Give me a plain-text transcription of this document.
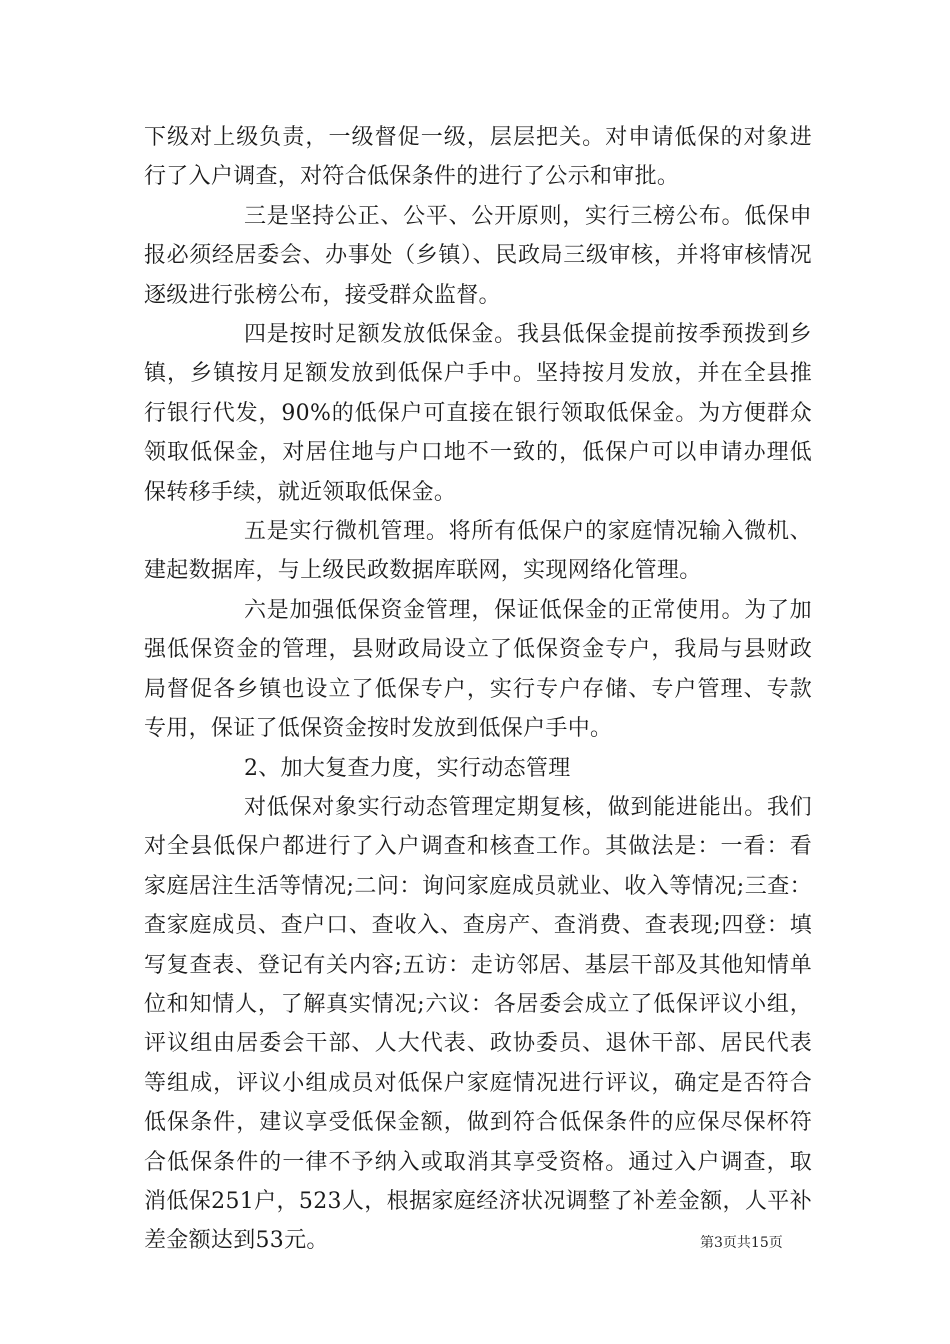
下级对上级负责，一级督促一级，层层把关。对申请低保的对象进行了入户调查，对符合低保条件的进行了公示和审批。

三是坚持公正、公平、公开原则，实行三榜公布。低保申报必须经居委会、办事处（乡镇）、民政局三级审核，并将审核情况逐级进行张榜公布，接受群众监督。

四是按时足额发放低保金。我县低保金提前按季预拨到乡镇，乡镇按月足额发放到低保户手中。坚持按月发放，并在全县推行银行代发，90%的低保户可直接在银行领取低保金。为方便群众领取低保金，对居住地与户口地不一致的，低保户可以申请办理低保转移手续，就近领取低保金。

五是实行微机管理。将所有低保户的家庭情况输入微机、建起数据库，与上级民政数据库联网，实现网络化管理。

六是加强低保资金管理，保证低保金的正常使用。为了加强低保资金的管理，县财政局设立了低保资金专户，我局与县财政局督促各乡镇也设立了低保专户，实行专户存储、专户管理、专款专用，保证了低保资金按时发放到低保户手中。

2、加大复查力度，实行动态管理

对低保对象实行动态管理定期复核，做到能进能出。我们对全县低保户都进行了入户调查和核查工作。其做法是：一看：看家庭居注生活等情况;二问：询问家庭成员就业、收入等情况;三查：查家庭成员、查户口、查收入、查房产、查消费、查表现;四登：填写复查表、登记有关内容;五访：走访邻居、基层干部及其他知情单位和知情人，了解真实情况;六议：各居委会成立了低保评议小组，评议组由居委会干部、人大代表、政协委员、退休干部、居民代表等组成，评议小组成员对低保户家庭情况进行评议，确定是否符合低保条件，建议享受低保金额，做到符合低保条件的应保尽保杯符合低保条件的一律不予纳入或取消其享受资格。通过入户调查，取消低保251户，523人，根据家庭经济状况调整了补差金额，人平补差金额达到53元。	第3页共15页
